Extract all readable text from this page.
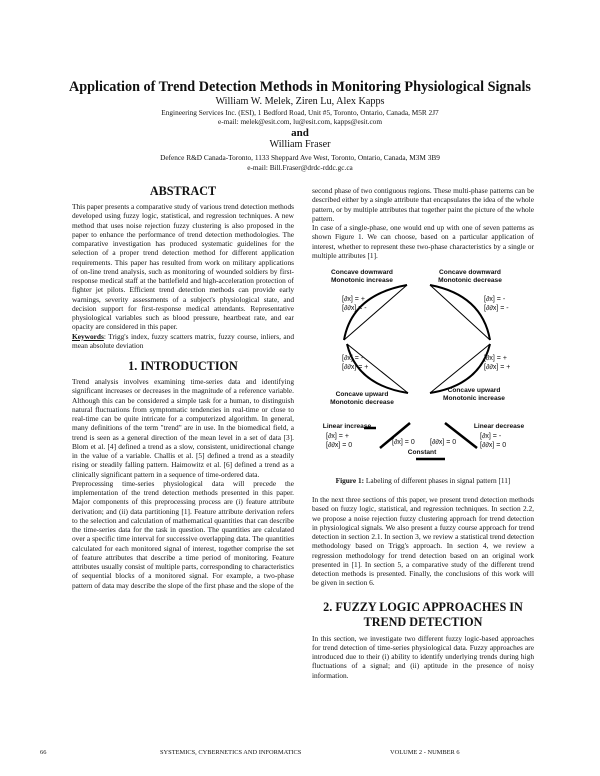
Application of Trend Detection Methods in Monitoring Physiological Signals
William W. Melek, Ziren Lu, Alex Kapps
Engineering Services Inc. (ESI), 1 Bedford Road, Unit #5, Toronto, Ontario, Canada, M5R 2J7
e-mail: melek@esit.com, lu@esit.com, kapps@esit.com
and
William Fraser
Defence R&D Canada-Toronto, 1133 Sheppard Ave West, Toronto, Ontario, Canada, M3M 3B9
e-mail: Bill.Fraser@drdc-rddc.gc.ca
ABSTRACT

This paper presents a comparative study of various trend detection methods developed using fuzzy logic, statistical, and regression techniques. A new method that uses noise rejection fuzzy clustering is also proposed in the paper to enhance the performance of trend detection methodologies. The comparative investigation has produced systematic guidelines for the selection of a proper trend detection method for different application requirements. This paper has resulted from work on military applications of on-line trend analysis, such as monitoring of wounded soldiers by first-response medical staff at the battlefield and high-acceleration protection of fighter jet pilots. Efficient trend detection methods can provide early warnings, severity assessments of a subject's physiological state, and decision support for first-response medical attendants. Representative physiological variables such as blood pressure, heartbeat rate, and ear opacity are considered in this paper.

Keywords: Trigg's index, fuzzy scatters matrix, fuzzy course, inliers, and mean absolute deviation

1. INTRODUCTION

Trend analysis involves examining time-series data and identifying significant increases or decreases in the magnitude of a reference variable. Although this can be considered a simple task for a human, to distinguish natural fluctuations from symptomatic tendencies in real-time or close to real-time can be quite intricate for a computerized algorithm. In general, many definitions of the term "trend" are in use. In the biomedical field, a trend is seen as a general direction of the mean level in a set of data [3]. Blom et al. [4] defined a trend as a slow, consistent, unidirectional change in the value of a variable. Challis et al. [5] defined a trend as a steadily rising or steadily falling pattern. Haimowitz et al. [6] defined a trend as a clinically significant pattern in a sequence of time-ordered data.

Preprocessing time-series physiological data will precede the implementation of the trend detection methods presented in this paper. Major components of this preprocessing process are (i) feature attribute derivation; and (ii) data partitioning [1]. Feature attribute derivation refers to the selection and calculation of mathematical quantities that can describe the time-series data for the task in question. The quantities are calculated over a specific time interval for successive overlapping data. The quantities calculated for each monitored signal of interest, together comprise the set of feature attributes that describe a time period of monitoring. Feature attributes usually consist of multiple parts, corresponding to characteristics of sequential blocks of a monitored signal. For example, a two-phase pattern of data may describe the slope of the first phase and the slope of the

second phase of two contiguous regions. These multi-phase patterns can be described either by a single attribute that encapsulates the idea of the whole pattern, or by multiple attributes that together paint the picture of the whole pattern.

In case of a single-phase, one would end up with one of seven patterns as shown Figure 1. We can choose, based on a particular application of interest, whether to represent these two-phase characteristics by a single or multiple attributes [1].

Concave downward
Monotonic increase
Concave downward
Monotonic decrease
[∂x] = +
[∂∂x] = -
[∂x] = -
[∂∂x] = -
[∂x] = -
[∂∂x] = +
[∂x] = +
[∂∂x] = +
Concave upward
Monotonic decrease
Concave upward
Monotonic increase
Linear increase	Linear decrease
[∂x] = +
[∂∂x] = 0
[∂x] = -
[∂∂x] = 0
[∂x] = 0 [∂∂x] = 0
Constant
Figure 1: Labeling of different phases in signal pattern [11]

In the next three sections of this paper, we present trend detection methods based on fuzzy logic, statistical, and regression techniques. In section 2.2, we propose a noise rejection fuzzy clustering approach for trend detection in physiological signals. We also present a fuzzy course approach for trend detection in section 2.1. In section 3, we review a statistical trend detection methodology based on Trigg's approach. In section 4, we review a regression methodology for trend detection based on an original work presented in [1]. In section 5, a comparative study of the different trend detection methods is presented. Finally, the conclusions of this work will be given in section 6.

2. FUZZY LOGIC APPROACHES IN
TREND DETECTION

In this section, we investigate two different fuzzy logic-based approaches for trend detection of time-series physiological data. Fuzzy approaches are introduced due to their (i) ability to identify underlying trends during high fluctuations of a signal; and (ii) aptitude in the presence of noisy information.

66	SYSTEMICS, CYBERNETICS AND INFORMATICS	VOLUME 2 - NUMBER 6
